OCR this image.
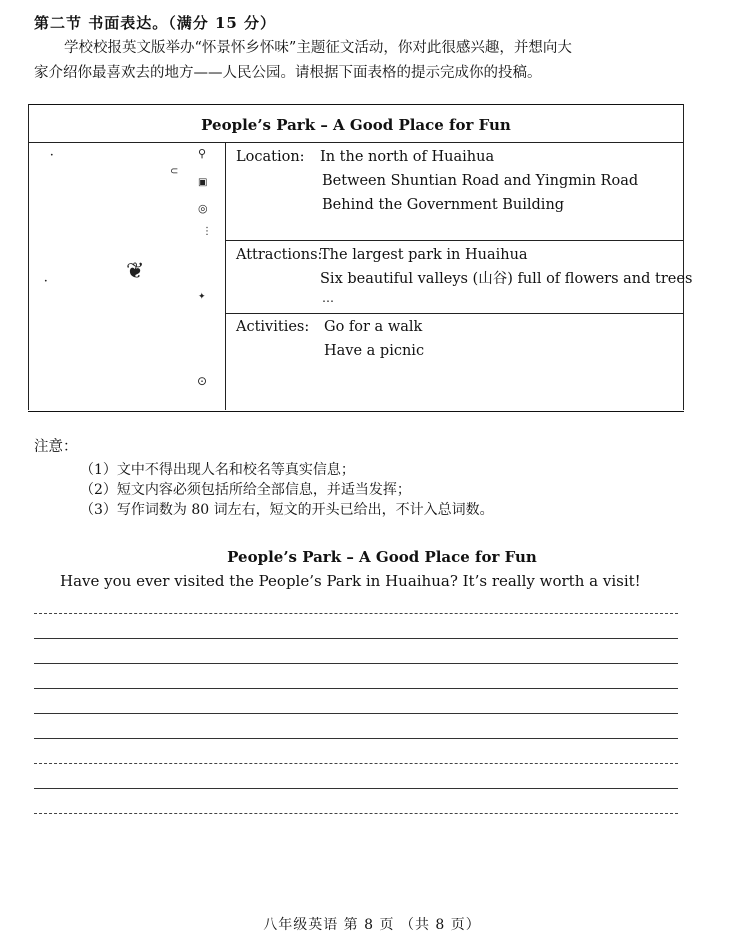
第二节 书面表达。（满分 15 分）

学校校报英文版举办“怀景怀乡怀味”主题征文活动，你对此很感兴趣，并想向大

家介绍你最喜欢去的地方——人民公园。请根据下面表格的提示完成你的投稿。

People’s Park – A Good Place for Fun
•	⚲
⊂
▣
◎
⋮
❦
•
✦
⊙
Location: In the north of Huaihua
Between Shuntian Road and Yingmin Road
Behind the Government Building
Attractions:
The largest park in Huaihua
Six beautiful valleys (山谷) full of flowers and trees
…
Activities: Go for a walk
Have a picnic
注意：
（1）文中不得出现人名和校名等真实信息；
（2）短文内容必须包括所给全部信息，并适当发挥；
（3）写作词数为 80 词左右，短文的开头已给出，不计入总词数。
People’s Park – A Good Place for Fun
Have you ever visited the People’s Park in Huaihua? It’s really worth a visit!
八年级英语 第 8 页 （共 8 页）
